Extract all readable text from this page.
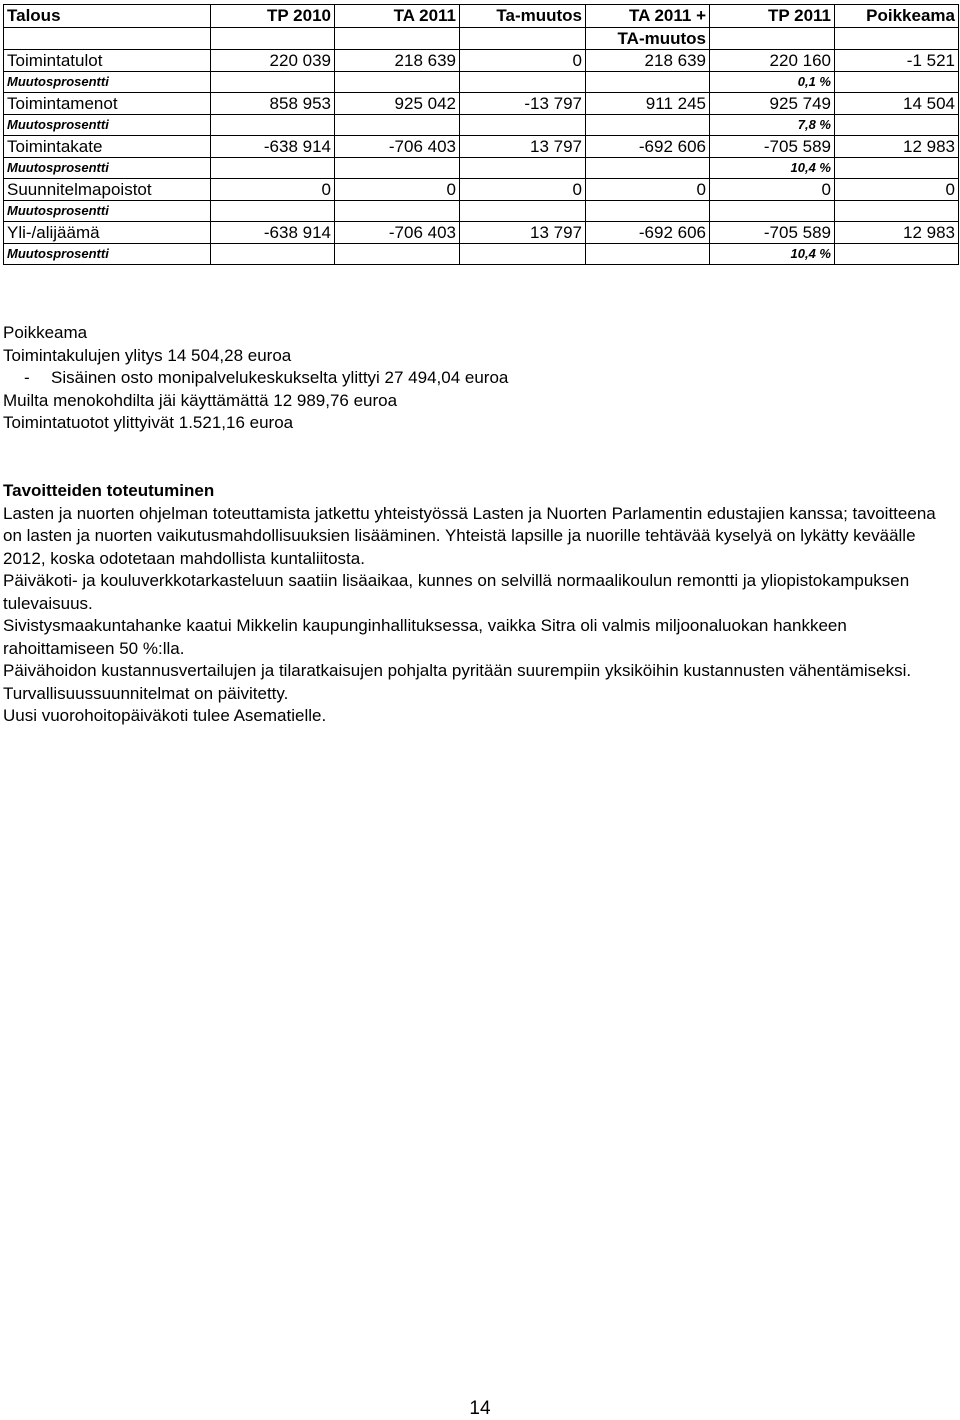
Talous	TP 2010	TA 2011	Ta-muutos	TA 2011 +	TP 2011	Poikkeama
				TA-muutos		
Toimintatulot	220 039	218 639	0	218 639	220 160	-1 521
Muutosprosentti					0,1 %	
Toimintamenot	858 953	925 042	-13 797	911 245	925 749	14 504
Muutosprosentti					7,8 %	
Toimintakate	-638 914	-706 403	13 797	-692 606	-705 589	12 983
Muutosprosentti					10,4 %	
Suunnitelmapoistot	0	0	0	0	0	0
Muutosprosentti						
Yli-/alijäämä	-638 914	-706 403	13 797	-692 606	-705 589	12 983
Muutosprosentti					10,4 %	
Poikkeama
Toimintakulujen ylitys 14 504,28 euroa
- Sisäinen osto monipalvelukeskukselta ylittyi 27 494,04 euroa
Muilta menokohdilta jäi käyttämättä 12 989,76 euroa
Toimintatuotot ylittyivät 1.521,16 euroa
Tavoitteiden toteutuminen

Lasten ja nuorten ohjelman toteuttamista jatkettu yhteistyössä Lasten ja Nuorten Parlamentin edustajien kanssa; tavoitteena on lasten ja nuorten vaikutusmahdollisuuksien lisääminen. Yhteistä lapsille ja nuorille tehtävää kyselyä on lykätty keväälle 2012, koska odotetaan mahdollista kuntaliitosta.

Päiväkoti- ja kouluverkkotarkasteluun saatiin lisäaikaa, kunnes on selvillä normaalikoulun remontti ja yliopistokampuksen tulevaisuus.

Sivistysmaakuntahanke kaatui Mikkelin kaupunginhallituksessa, vaikka Sitra oli valmis miljoonaluokan hankkeen rahoittamiseen 50 %:lla.

Päivähoidon kustannusvertailujen ja tilaratkaisujen pohjalta pyritään suurempiin yksiköihin kustannusten vähentämiseksi.

Turvallisuussuunnitelmat on päivitetty.

Uusi vuorohoitopäiväkoti tulee Asematielle.

14
